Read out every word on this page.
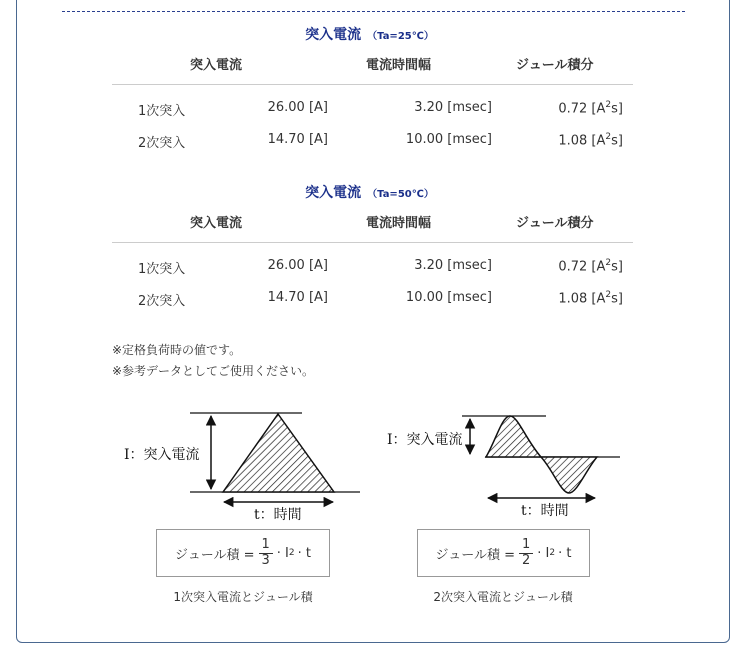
突入電流 （Ta=25℃）
突入電流	電流時間幅	ジュール積分
1次突入	26.00 [A]	3.20 [msec]	0.72 $[A^2s]$
2次突入	14.70 [A]	10.00 [msec]	1.08 $[A^2s]$
突入電流 （Ta=50℃）
突入電流	電流時間幅	ジュール積分
1次突入	26.00 [A]	3.20 [msec]	0.72 $[A^2s]$
2次突入	14.70 [A]	10.00 [msec]	1.08 $[A^2s]$
※定格負荷時の値です。
※参考データとしてご使用ください。
I：突入電流
t：時間
I：突入電流
t：時間
ジュール積 = $\frac{1}{3} \cdot I$ 2 · t	ジュール積 = $\frac{1}{2} \cdot I$ 2 · t
1次突入電流とジュール積	2次突入電流とジュール積
